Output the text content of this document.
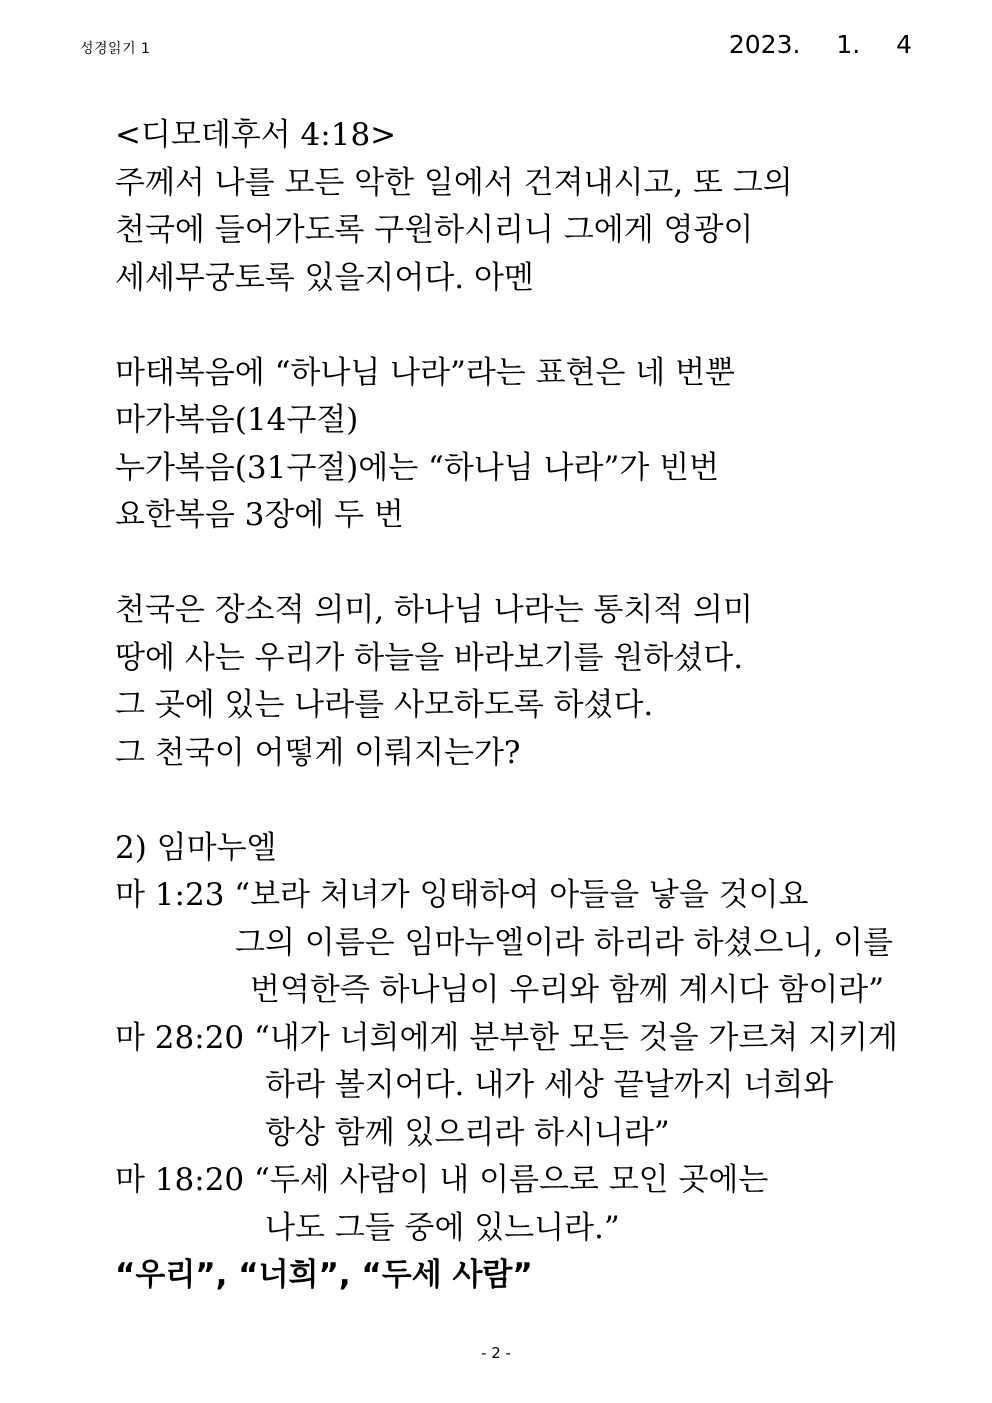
성경읽기 1	2023.  1.  4
<디모데후서 4:18>
주께서 나를 모든 악한 일에서 건져내시고, 또 그의
천국에 들어가도록 구원하시리니 그에게 영광이
세세무궁토록 있을지어다. 아멘
마태복음에 “하나님 나라”라는 표현은 네 번뿐
마가복음(14구절)
누가복음(31구절)에는 “하나님 나라”가 빈번
요한복음 3장에 두 번
천국은 장소적 의미, 하나님 나라는 통치적 의미
땅에 사는 우리가 하늘을 바라보기를 원하셨다.
그 곳에 있는 나라를 사모하도록 하셨다.
그 천국이 어떻게 이뤄지는가?
2) 임마누엘
마 1:23 “보라 처녀가 잉태하여 아들을 낳을 것이요
그의 이름은 임마누엘이라 하리라 하셨으니, 이를
번역한즉 하나님이 우리와 함께 계시다 함이라”
마 28:20 “내가 너희에게 분부한 모든 것을 가르쳐 지키게
하라 볼지어다. 내가 세상 끝날까지 너희와
항상 함께 있으리라 하시니라”
마 18:20 “두세 사람이 내 이름으로 모인 곳에는
나도 그들 중에 있느니라.”
“우리”, “너희”, “두세 사람”
- 2 -
